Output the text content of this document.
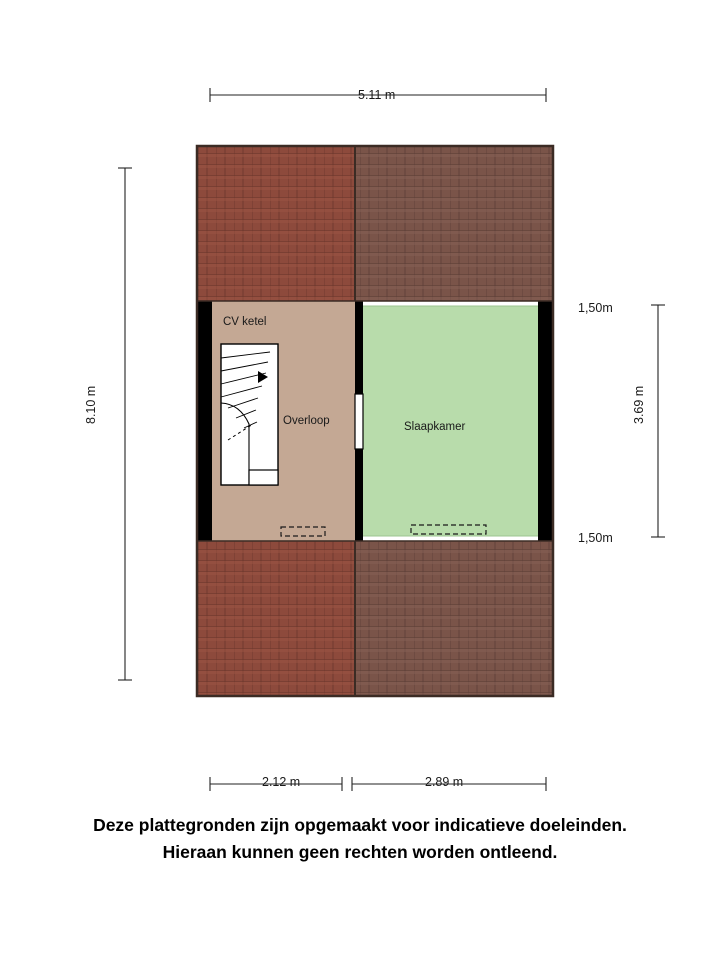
5.11 m
8.10 m	3.69 m
1,50m
1,50m
2.12 m	2.89 m
CV ketel
Overloop	Slaapkamer
Deze plattegronden zijn opgemaakt voor indicatieve doeleinden.
Hieraan kunnen geen rechten worden ontleend.
